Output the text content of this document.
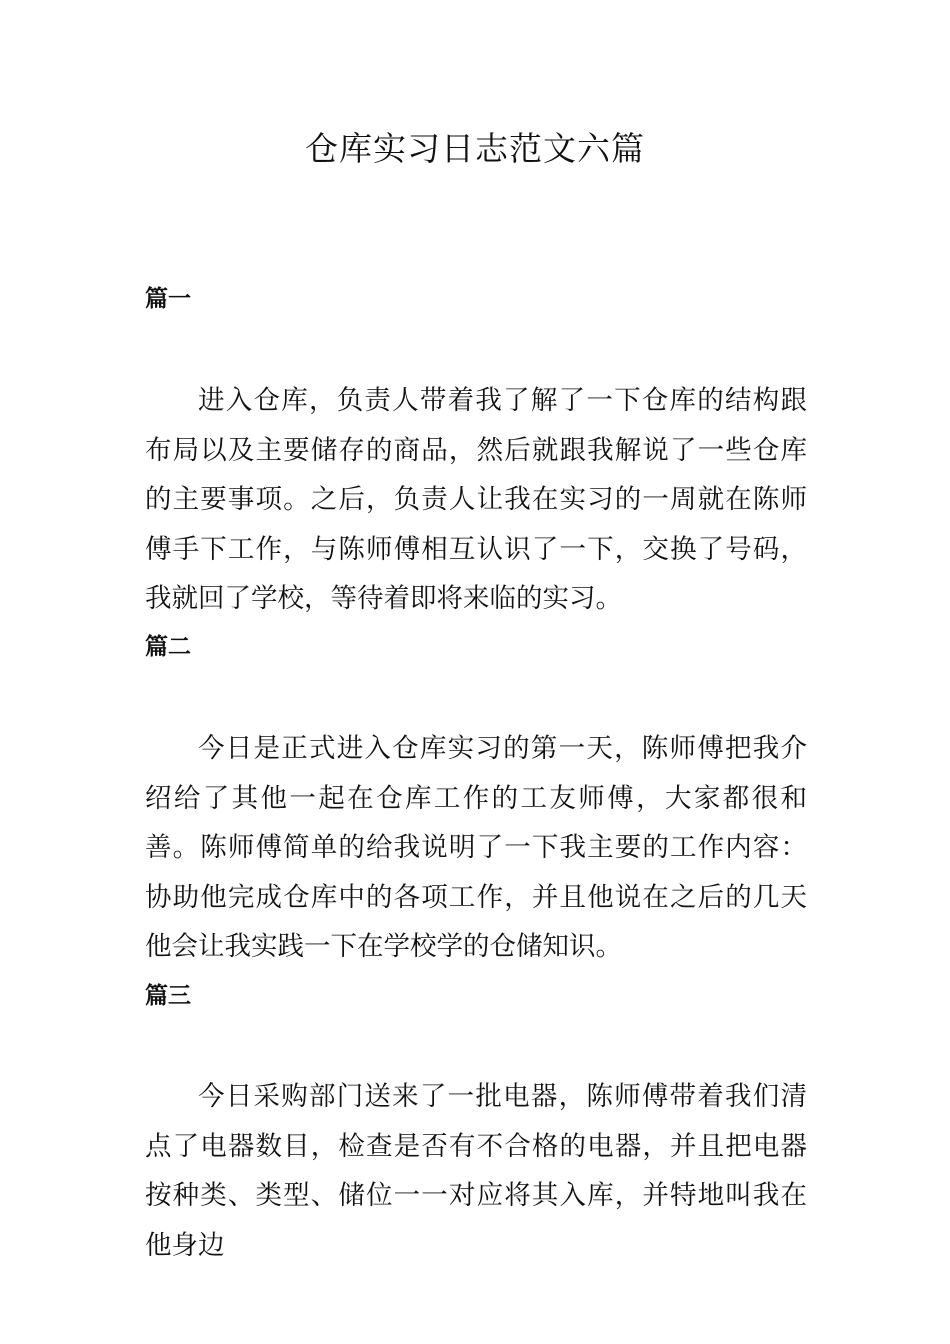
仓库实习日志范文六篇
篇一

进入仓库，负责人带着我了解了一下仓库的结构跟布局以及主要储存的商品，然后就跟我解说了一些仓库的主要事项。之后，负责人让我在实习的一周就在陈师傅手下工作，与陈师傅相互认识了一下，交换了号码，我就回了学校，等待着即将来临的实习。

篇二

今日是正式进入仓库实习的第一天，陈师傅把我介绍给了其他一起在仓库工作的工友师傅，大家都很和善。陈师傅简单的给我说明了一下我主要的工作内容：协助他完成仓库中的各项工作，并且他说在之后的几天他会让我实践一下在学校学的仓储知识。

篇三

今日采购部门送来了一批电器，陈师傅带着我们清点了电器数目，检查是否有不合格的电器，并且把电器按种类、类型、储位一一对应将其入库，并特地叫我在他身边
